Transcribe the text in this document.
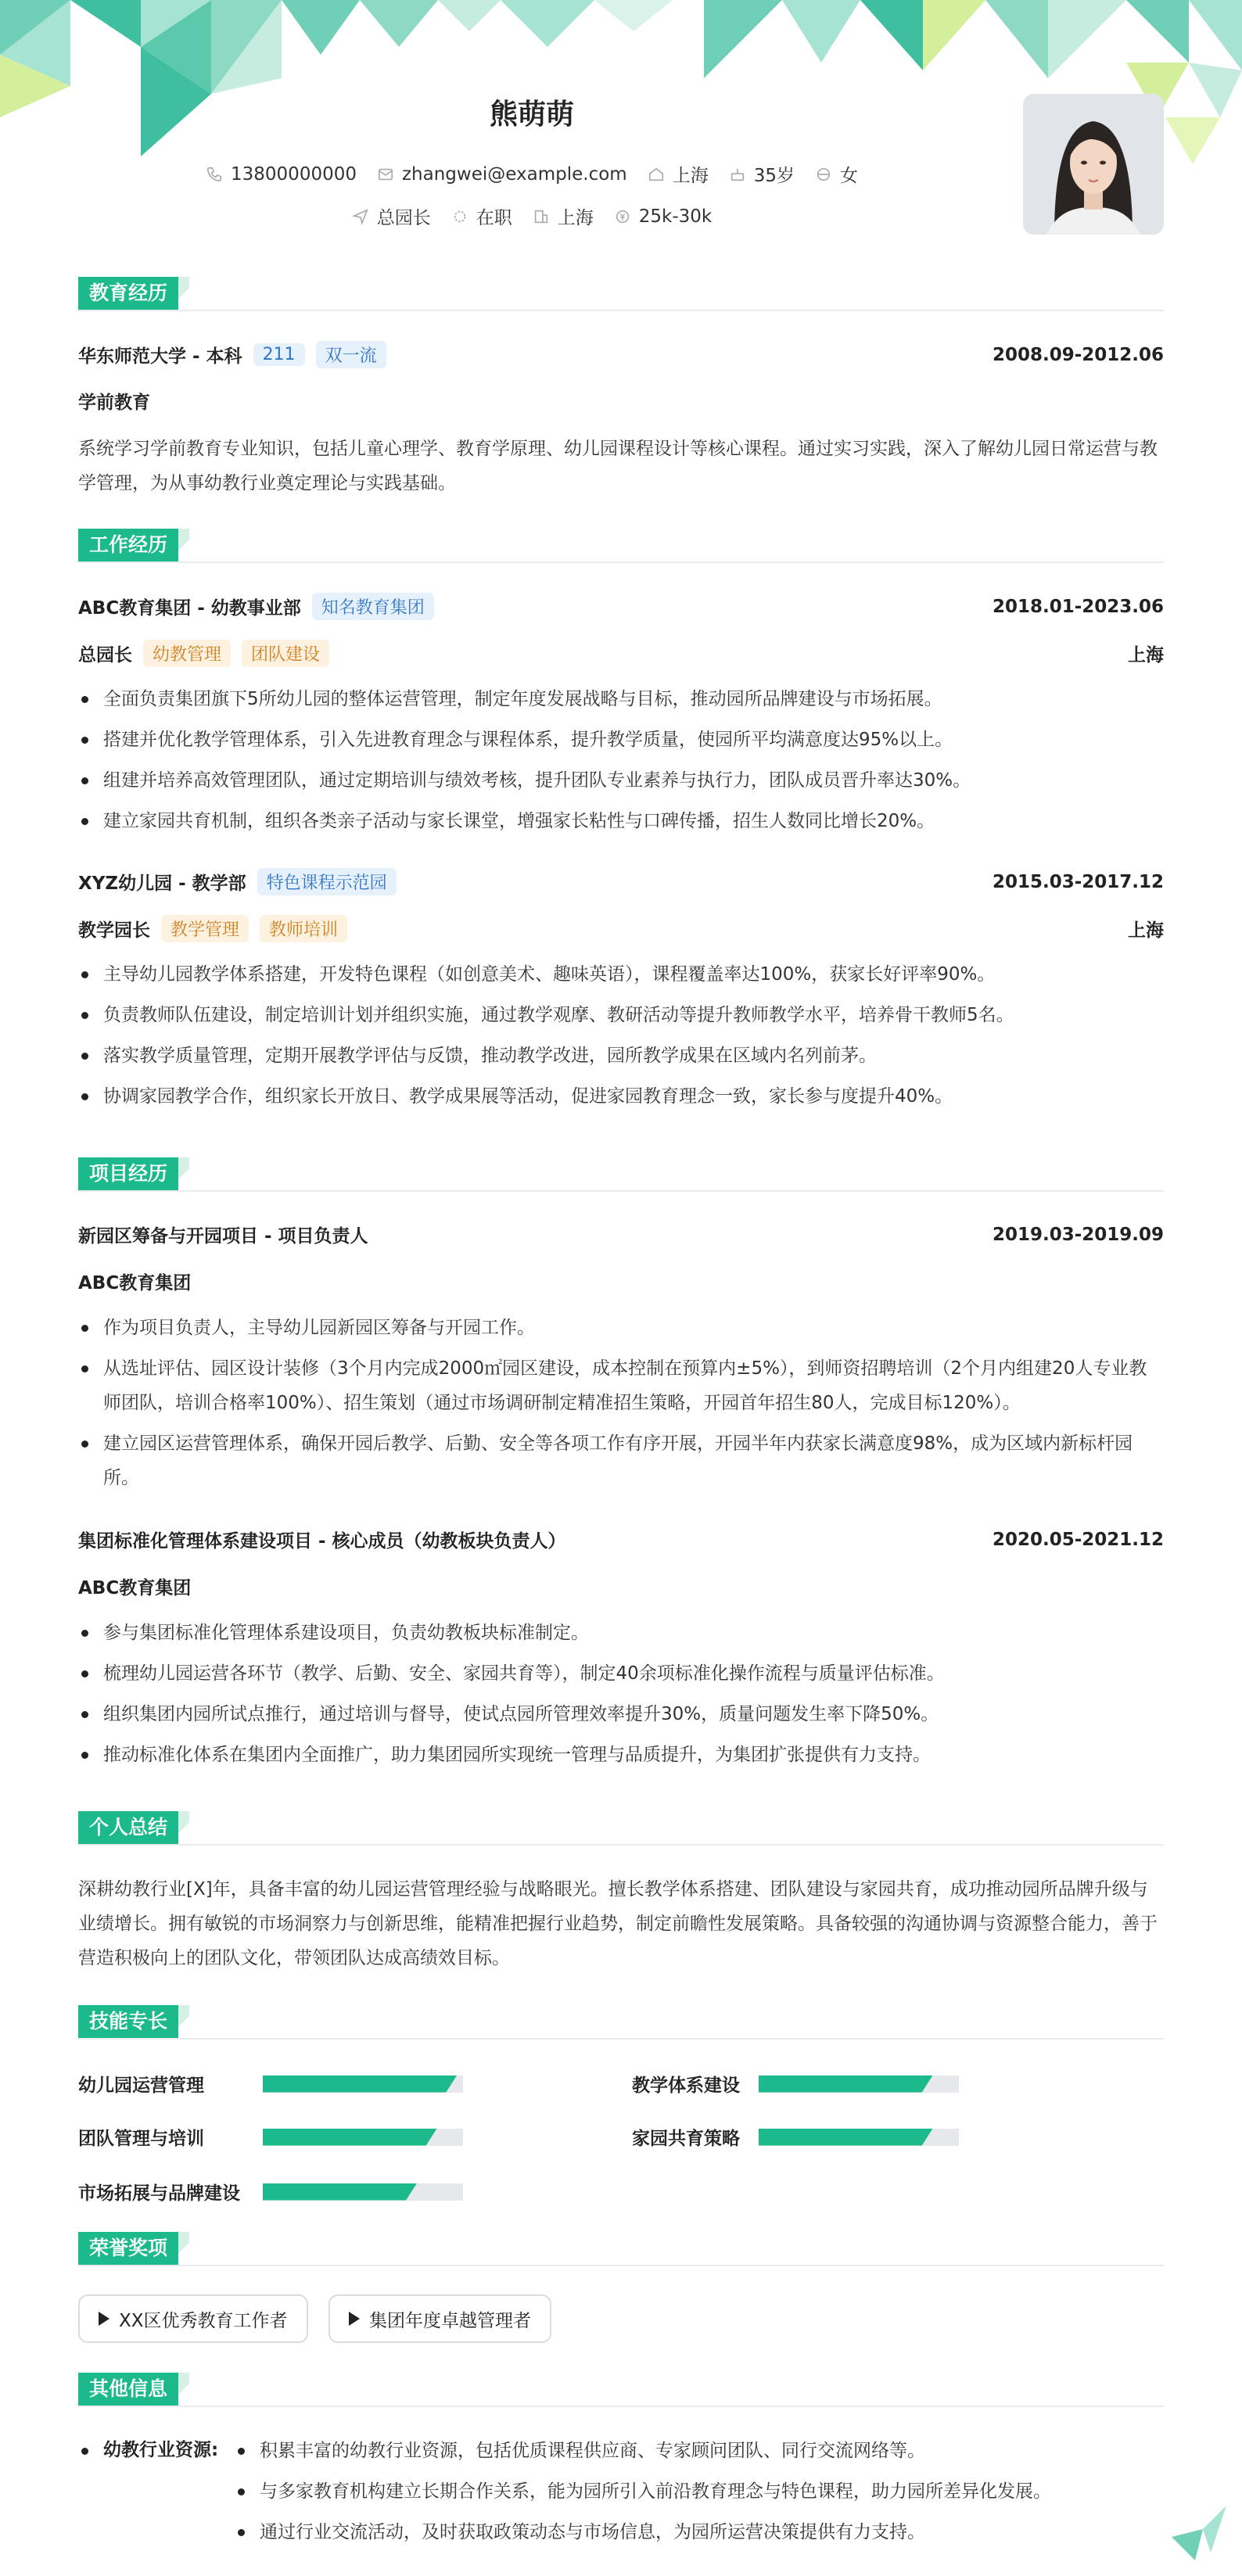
熊萌萌
13800000000	zhangwei@example.com	上海	35岁	女
总园长	在职	上海	25k-30k
教育经历
华东师范大学 - 本科	211	双一流	2008.09-2012.06
学前教育
系统学习学前教育专业知识，包括儿童心理学、教育学原理、幼儿园课程设计等核心课程。通过实习实践，深入了解幼儿园日常运营与教学管理，为从事幼教行业奠定理论与实践基础。
工作经历
ABC教育集团 - 幼教事业部	知名教育集团	2018.01-2023.06
总园长	幼教管理	团队建设	上海
全面负责集团旗下5所幼儿园的整体运营管理，制定年度发展战略与目标，推动园所品牌建设与市场拓展。
搭建并优化教学管理体系，引入先进教育理念与课程体系，提升教学质量，使园所平均满意度达95%以上。
组建并培养高效管理团队，通过定期培训与绩效考核，提升团队专业素养与执行力，团队成员晋升率达30%。
建立家园共育机制，组织各类亲子活动与家长课堂，增强家长粘性与口碑传播，招生人数同比增长20%。
XYZ幼儿园 - 教学部	特色课程示范园	2015.03-2017.12
教学园长	教学管理	教师培训	上海
主导幼儿园教学体系搭建，开发特色课程（如创意美术、趣味英语），课程覆盖率达100%，获家长好评率90%。
负责教师队伍建设，制定培训计划并组织实施，通过教学观摩、教研活动等提升教师教学水平，培养骨干教师5名。
落实教学质量管理，定期开展教学评估与反馈，推动教学改进，园所教学成果在区域内名列前茅。
协调家园教学合作，组织家长开放日、教学成果展等活动，促进家园教育理念一致，家长参与度提升40%。
项目经历
新园区筹备与开园项目 - 项目负责人	2019.03-2019.09
ABC教育集团
作为项目负责人，主导幼儿园新园区筹备与开园工作。
从选址评估、园区设计装修（3个月内完成2000㎡园区建设，成本控制在预算内±5%），到师资招聘培训（2个月内组建20人专业教师团队，培训合格率100%）、招生策划（通过市场调研制定精准招生策略，开园首年招生80人，完成目标120%）。
建立园区运营管理体系，确保开园后教学、后勤、安全等各项工作有序开展，开园半年内获家长满意度98%，成为区域内新标杆园所。
集团标准化管理体系建设项目 - 核心成员（幼教板块负责人）	2020.05-2021.12
ABC教育集团
参与集团标准化管理体系建设项目，负责幼教板块标准制定。
梳理幼儿园运营各环节（教学、后勤、安全、家园共育等），制定40余项标准化操作流程与质量评估标准。
组织集团内园所试点推行，通过培训与督导，使试点园所管理效率提升30%，质量问题发生率下降50%。
推动标准化体系在集团内全面推广，助力集团园所实现统一管理与品质提升，为集团扩张提供有力支持。
个人总结
深耕幼教行业[X]年，具备丰富的幼儿园运营管理经验与战略眼光。擅长教学体系搭建、团队建设与家园共育，成功推动园所品牌升级与业绩增长。拥有敏锐的市场洞察力与创新思维，能精准把握行业趋势，制定前瞻性发展策略。具备较强的沟通协调与资源整合能力，善于营造积极向上的团队文化，带领团队达成高绩效目标。
技能专长
幼儿园运营管理	教学体系建设
团队管理与培训	家园共育策略
市场拓展与品牌建设
荣誉奖项
XX区优秀教育工作者	集团年度卓越管理者
其他信息
幼教行业资源:	积累丰富的幼教行业资源，包括优质课程供应商、专家顾问团队、同行交流网络等。
与多家教育机构建立长期合作关系，能为园所引入前沿教育理念与特色课程，助力园所差异化发展。
通过行业交流活动，及时获取政策动态与市场信息，为园所运营决策提供有力支持。
